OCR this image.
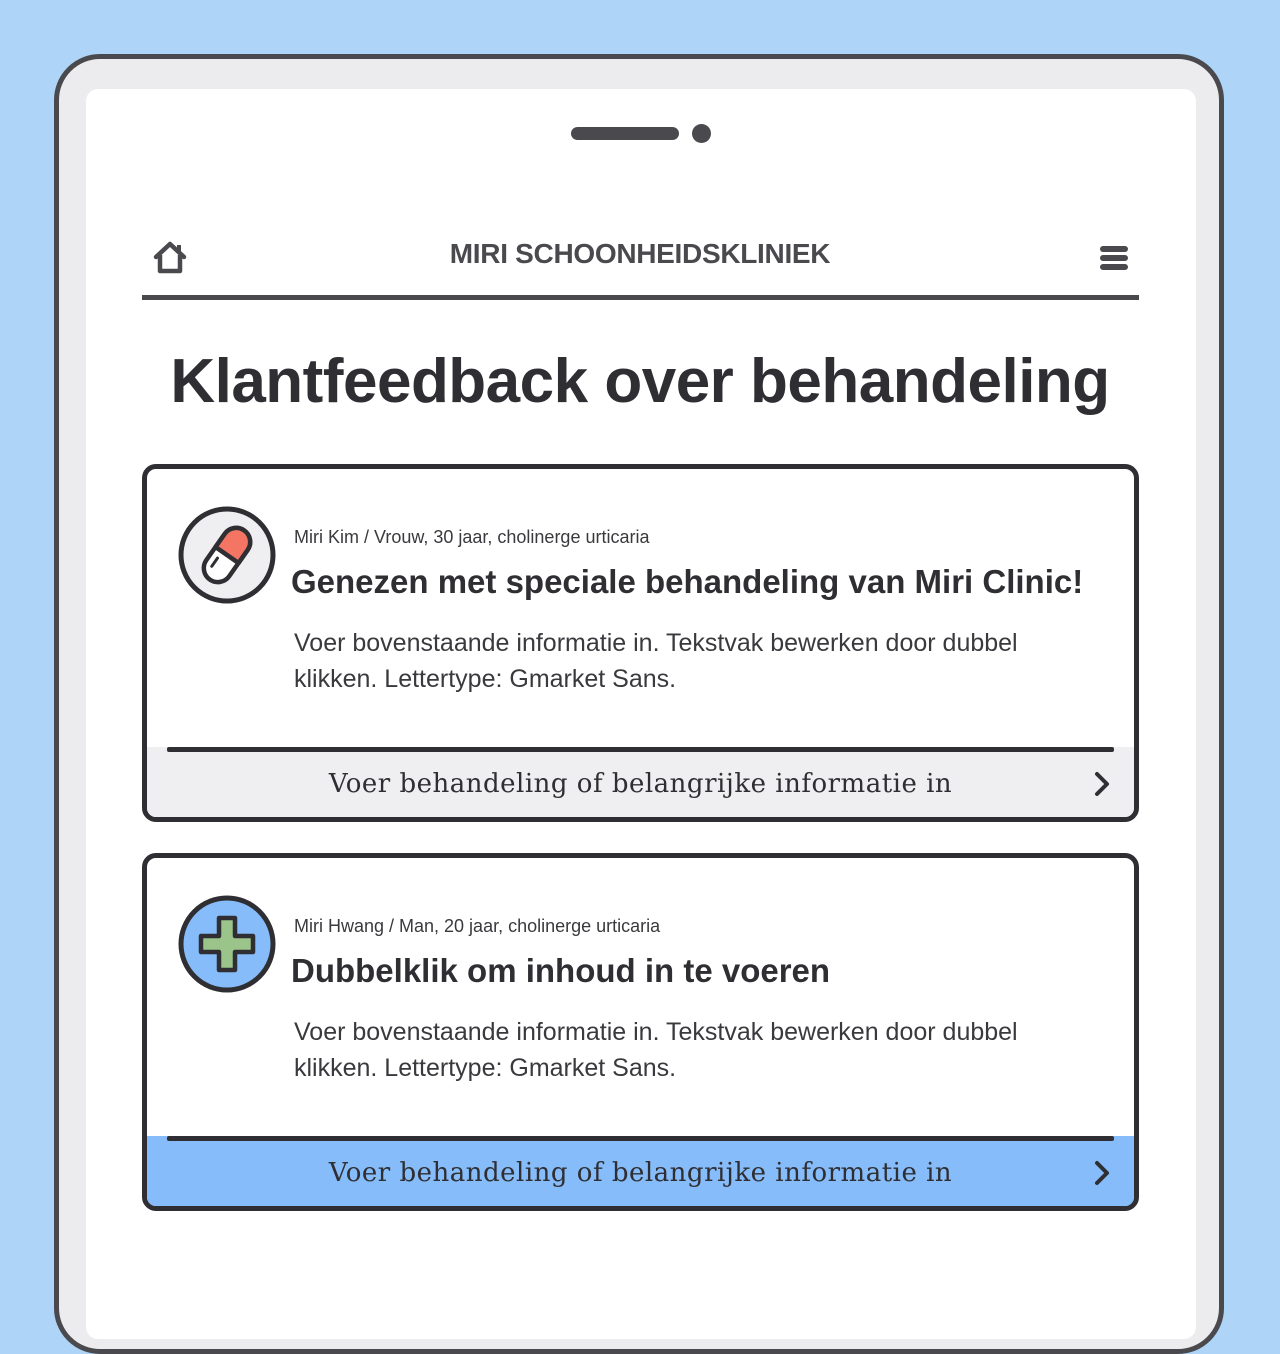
MIRI SCHOONHEIDSKLINIEK
Klantfeedback over behandeling
Miri Kim / Vrouw, 30 jaar, cholinerge urticaria
Genezen met speciale behandeling van Miri Clinic!

Voer bovenstaande informatie in. Tekstvak bewerken door dubbel
klikken. Lettertype: Gmarket Sans.

Voer behandeling of belangrijke informatie in
Miri Hwang / Man, 20 jaar, cholinerge urticaria
Dubbelklik om inhoud in te voeren

Voer bovenstaande informatie in. Tekstvak bewerken door dubbel
klikken. Lettertype: Gmarket Sans.

Voer behandeling of belangrijke informatie in
